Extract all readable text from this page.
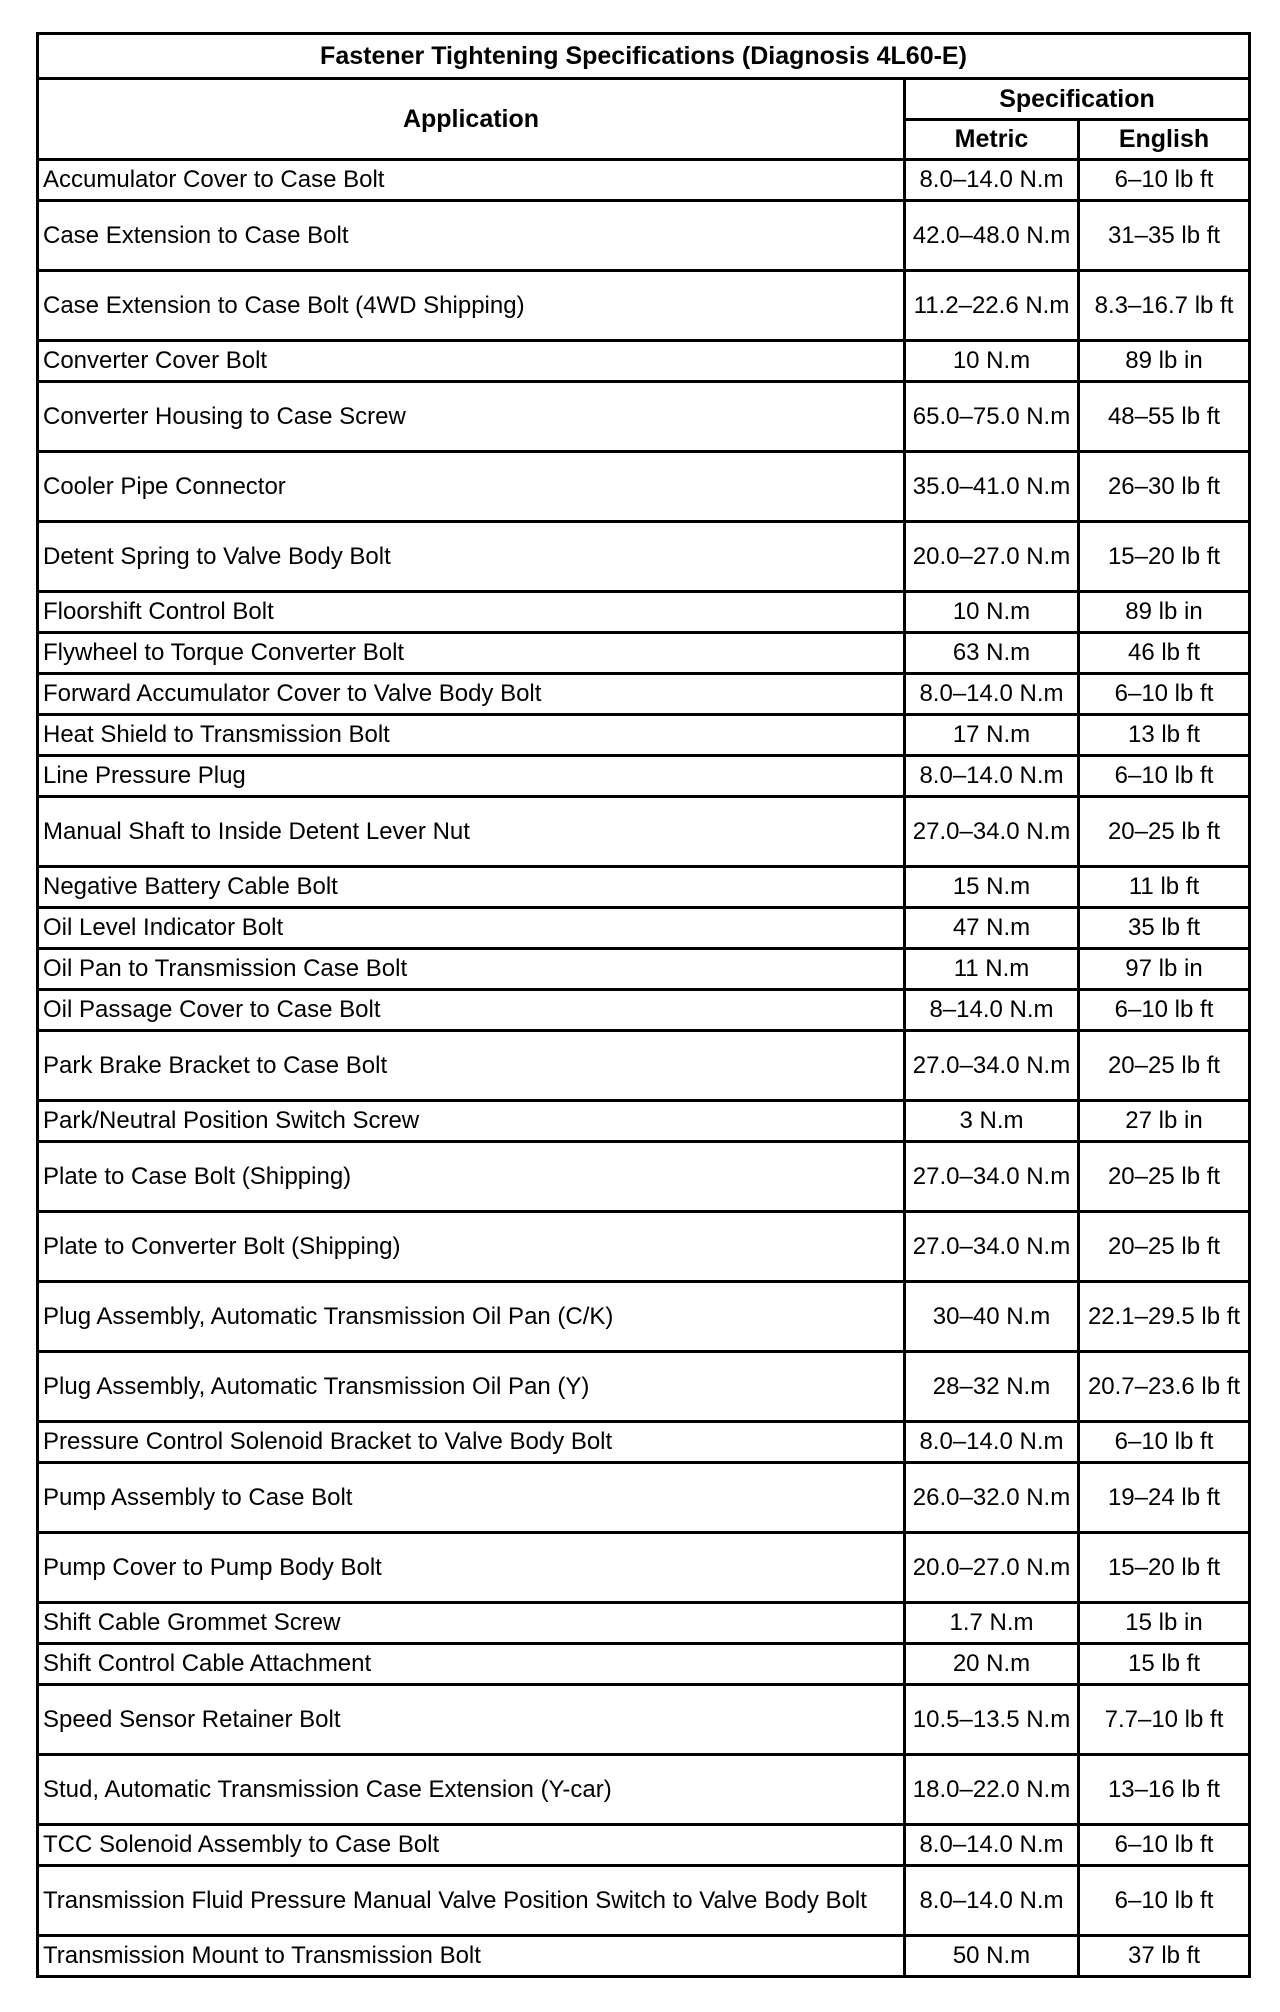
Fastener Tightening Specifications (Diagnosis 4L60-E)		
Application	Specification	
	Metric	English
Accumulator Cover to Case Bolt	8.0–14.0 N.m	6–10 lb ft
Case Extension to Case Bolt	42.0–48.0 N.m	31–35 lb ft
Case Extension to Case Bolt (4WD Shipping)	11.2–22.6 N.m	8.3–16.7 lb ft
Converter Cover Bolt	10 N.m	89 lb in
Converter Housing to Case Screw	65.0–75.0 N.m	48–55 lb ft
Cooler Pipe Connector	35.0–41.0 N.m	26–30 lb ft
Detent Spring to Valve Body Bolt	20.0–27.0 N.m	15–20 lb ft
Floorshift Control Bolt	10 N.m	89 lb in
Flywheel to Torque Converter Bolt	63 N.m	46 lb ft
Forward Accumulator Cover to Valve Body Bolt	8.0–14.0 N.m	6–10 lb ft
Heat Shield to Transmission Bolt	17 N.m	13 lb ft
Line Pressure Plug	8.0–14.0 N.m	6–10 lb ft
Manual Shaft to Inside Detent Lever Nut	27.0–34.0 N.m	20–25 lb ft
Negative Battery Cable Bolt	15 N.m	11 lb ft
Oil Level Indicator Bolt	47 N.m	35 lb ft
Oil Pan to Transmission Case Bolt	11 N.m	97 lb in
Oil Passage Cover to Case Bolt	8–14.0 N.m	6–10 lb ft
Park Brake Bracket to Case Bolt	27.0–34.0 N.m	20–25 lb ft
Park/Neutral Position Switch Screw	3 N.m	27 lb in
Plate to Case Bolt (Shipping)	27.0–34.0 N.m	20–25 lb ft
Plate to Converter Bolt (Shipping)	27.0–34.0 N.m	20–25 lb ft
Plug Assembly, Automatic Transmission Oil Pan (C/K)	30–40 N.m	22.1–29.5 lb ft
Plug Assembly, Automatic Transmission Oil Pan (Y)	28–32 N.m	20.7–23.6 lb ft
Pressure Control Solenoid Bracket to Valve Body Bolt	8.0–14.0 N.m	6–10 lb ft
Pump Assembly to Case Bolt	26.0–32.0 N.m	19–24 lb ft
Pump Cover to Pump Body Bolt	20.0–27.0 N.m	15–20 lb ft
Shift Cable Grommet Screw	1.7 N.m	15 lb in
Shift Control Cable Attachment	20 N.m	15 lb ft
Speed Sensor Retainer Bolt	10.5–13.5 N.m	7.7–10 lb ft
Stud, Automatic Transmission Case Extension (Y-car)	18.0–22.0 N.m	13–16 lb ft
TCC Solenoid Assembly to Case Bolt	8.0–14.0 N.m	6–10 lb ft
Transmission Fluid Pressure Manual Valve Position Switch to Valve Body Bolt	8.0–14.0 N.m	6–10 lb ft
Transmission Mount to Transmission Bolt	50 N.m	37 lb ft
